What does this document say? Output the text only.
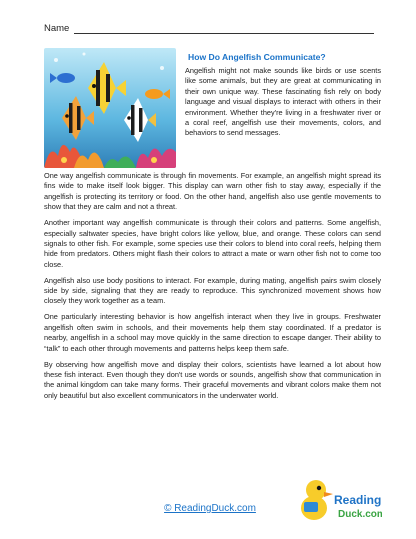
Name
How Do Angelfish Communicate?

Angelfish might not make sounds like birds or use scents like some animals, but they are great at communicating in their own unique way. These fascinating fish rely on body language and visual displays to interact with others in their environment. Whether they're living in a freshwater river or a coral reef, angelfish use their movements, colors, and behaviors to send messages.

One way angelfish communicate is through fin movements. For example, an angelfish might spread its fins wide to make itself look bigger. This display can warn other fish to stay away, especially if the angelfish is protecting its territory or food. On the other hand, angelfish also use gentle movements to show that they are calm and not a threat.

Another important way angelfish communicate is through their colors and patterns. Some angelfish, especially saltwater species, have bright colors like yellow, blue, and orange. These colors can send signals to other fish. For example, some species use their colors to blend into coral reefs, helping them hide from predators. Others might flash their colors to attract a mate or warn other fish not to come too close.

Angelfish also use body positions to interact. For example, during mating, angelfish pairs swim closely side by side, signaling that they are ready to reproduce. This synchronized movement shows how closely they work together as a team.

One particularly interesting behavior is how angelfish interact when they live in groups. Freshwater angelfish often swim in schools, and their movements help them stay coordinated. If a predator is nearby, angelfish in a school may move quickly in the same direction to escape danger. Their ability to “talk” to each other through movements and patterns helps keep them safe.

By observing how angelfish move and display their colors, scientists have learned a lot about how these fish interact. Even though they don't use words or sounds, angelfish show that communication in the animal kingdom can take many forms. Their graceful movements and vibrant colors make them not only beautiful but also excellent communicators in the underwater world.

© ReadingDuck.com
Reading
Duck.com
